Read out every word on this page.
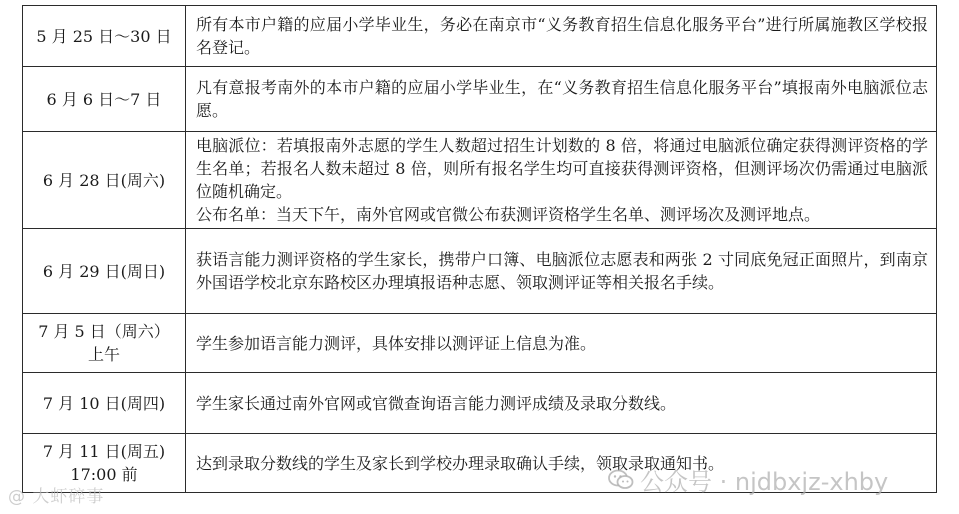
5 月 25 日～30 日	所有本市户籍的应届小学毕业生，务必在南京市“义务教育招生信息化服务平台”进行所属施教区学校报名登记。

6 月 6 日～7 日	凡有意报考南外的本市户籍的应届小学毕业生，在“义务教育招生信息化服务平台”填报南外电脑派位志愿。

6 月 28 日(周六)	电脑派位：若填报南外志愿的学生人数超过招生计划数的 8 倍，将通过电脑派位确定获得测评资格的学生名单；若报名人数未超过 8 倍，则所有报名学生均可直接获得测评资格，但测评场次仍需通过电脑派位随机确定。
公布名单：当天下午，南外官网或官微公布获测评资格学生名单、测评场次及测评地点。

6 月 29 日(周日)	获语言能力测评资格的学生家长，携带户口簿、电脑派位志愿表和两张 2 寸同底免冠正面照片，到南京外国语学校北京东路校区办理填报语种志愿、领取测评证等相关报名手续。

7 月 5 日（周六）
上午	学生参加语言能力测评，具体安排以测评证上信息为准。

7 月 10 日(周四)	学生家长通过南外官网或官微查询语言能力测评成绩及录取分数线。

7 月 11 日(周五)
17:00 前	达到录取分数线的学生及家长到学校办理录取确认手续，领取录取通知书。
@ 大虾碎事
公众号 · njdbxjz-xhby
